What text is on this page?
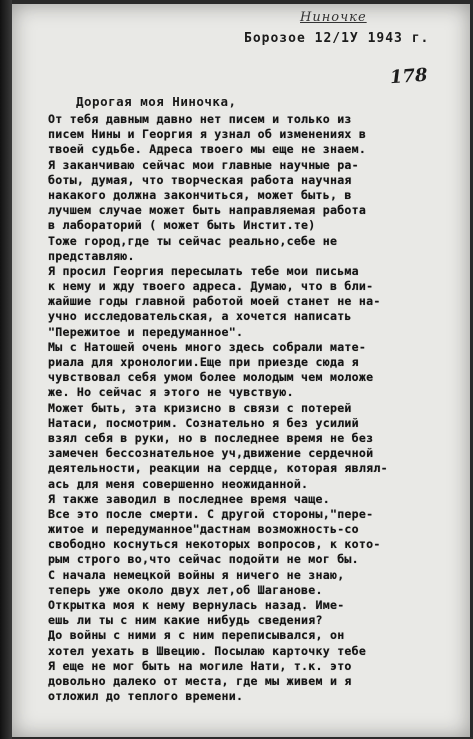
Ниночке
Борозое 12/1У 1943 г.
178
Дорогая моя Ниночка,
От тебя давным давно нет писем и только из
писем Нины и Георгия я узнал об изменениях в
твоей судьбе. Адреса твоего мы еще не знаем.
Я заканчиваю сейчас мои главные научные ра-
боты, думая, что творческая работа научная
накакого должна закончиться, может быть, в
лучшем случае может быть направляемая работа
в лабораторий ( может быть Инстит.те)
Тоже город,где ты сейчас реально,себе не
представляю.
Я просил Георгия пересылать тебе мои письма
к нему и жду твоего адреса. Думаю, что в бли-
жайшие годы главной работой моей станет не на-
учно исследовательская, а хочется написать
"Пережитое и передуманное".
Мы с Натошей очень много здесь собрали мате-
риала для хронологии.Еще при приезде сюда я
чувствовал себя умом более молодым чем моложе
же. Но сейчас я этого не чувствую.
Может быть, эта кризисно в связи с потерей
Натаси, посмотрим. Сознательно я без усилий
взял себя в руки, но в последнее время не без
замечен бессознательное уч,движение сердечной
деятельности, реакции на сердце, которая являл-
ась для меня совершенно неожиданной.
Я также заводил в последнее время чаще.
Все это после смерти. С другой стороны,"пере-
житое и передуманное"дастнам возможность-со
свободно коснуться некоторых вопросов, к кото-
рым строго во,что сейчас подойти не мог бы.
С начала немецкой войны я ничего не знаю,
теперь уже около двух лет,об Шаганове.
Открытка моя к нему вернулась назад. Име-
ешь ли ты с ним какие нибудь сведения?
До войны с ними я с ним переписывался, он
хотел уехать в Швецию. Посылаю карточку тебе
Я еще не мог быть на могиле Нати, т.к. это
довольно далеко от места, где мы живем и я
отложил до теплого времени.
